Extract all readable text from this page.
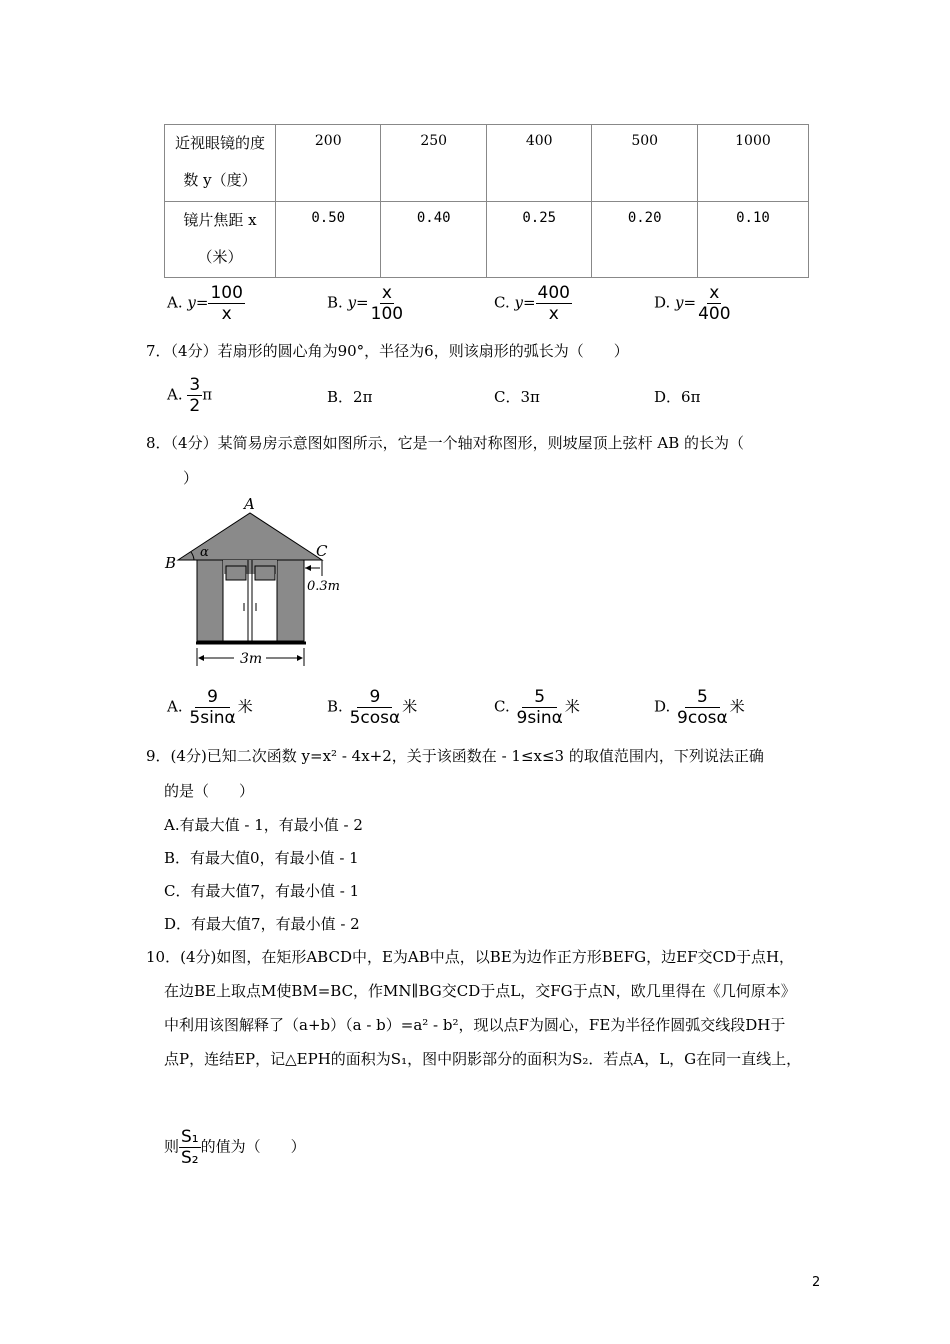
近视眼镜的度
数 y（度）	200	250	400	500	1000

镜片焦距 x
（米）	0.50	0.40	0.25	0.20	0.10
A. $y= \frac{100}{x}$	B. $y= \frac{x}{100}$	C. $y= \frac{400}{x}$	D. $y= \frac{x}{400}$
7．（4分）若扇形的圆心角为90°，半径为6，则该扇形的弧长为（　　）
A. $\frac{3}{2}$ π	B．2π	C．3π	D．6π
8．（4分）某简易房示意图如图所示，它是一个轴对称图形，则坡屋顶上弦杆 AB 的长为（
）
A
B
C
α
0.3m
3m
A. $\frac{9}{5\sin\alpha}$ 米	B. $\frac{9}{5\cos\alpha}$ 米	C. $\frac{5}{9\sin\alpha}$ 米	D. $\frac{5}{9\cos\alpha}$ 米
9．(4分)已知二次函数 y=x² - 4x+2，关于该函数在 - 1≤x≤3 的取值范围内，下列说法正确
的是（　　）
A.有最大值 - 1，有最小值 - 2
B．有最大值0，有最小值 - 1
C．有最大值7，有最小值 - 1
D．有最大值7，有最小值 - 2
10．(4分)如图，在矩形ABCD中，E为AB中点，以BE为边作正方形BEFG，边EF交CD于点H，
在边BE上取点M使BM=BC，作MN∥BG交CD于点L，交FG于点N，欧几里得在《几何原本》
中利用该图解释了（a+b）（a - b）=a² - b²，现以点F为圆心，FE为半径作圆弧交线段DH于
点P，连结EP，记△EPH的面积为S₁，图中阴影部分的面积为S₂．若点A，L，G在同一直线上，
则 $\frac{\text{S₁}}{\text{S₂}}$ 的值为（　　）
2
